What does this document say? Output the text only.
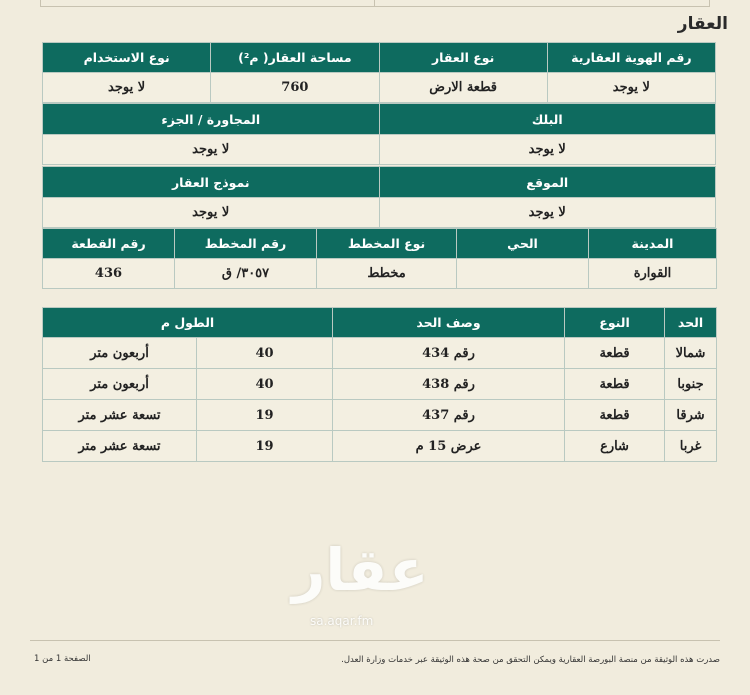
العقار
رقم الهوية العقارية	نوع العقار	مساحة العقار( م²)	نوع الاستخدام
لا يوجد	قطعة الارض	760	لا يوجد
البلك	المجاورة / الجزء
لا يوجد	لا يوجد
الموقع	نموذج العقار
لا يوجد	لا يوجد
المدينة	الحي	نوع المخطط	رقم المخطط	رقم القطعة
القوارة		مخطط	٣٠٥٧/ ق	436
الحد	النوع	وصف الحد	الطول م	
شمالا	قطعة	رقم 434	40	أربعون متر
جنوبا	قطعة	رقم 438	40	أربعون متر
شرقا	قطعة	رقم 437	19	تسعة عشر متر
غربا	شارع	عرض 15 م	19	تسعة عشر متر
عقار
sa.aqar.fm
صدرت هذه الوثيقة من منصة البورصة العقارية ويمكن التحقق من صحة هذه الوثيقة عبر خدمات وزارة العدل.
الصفحة 1 من 1
